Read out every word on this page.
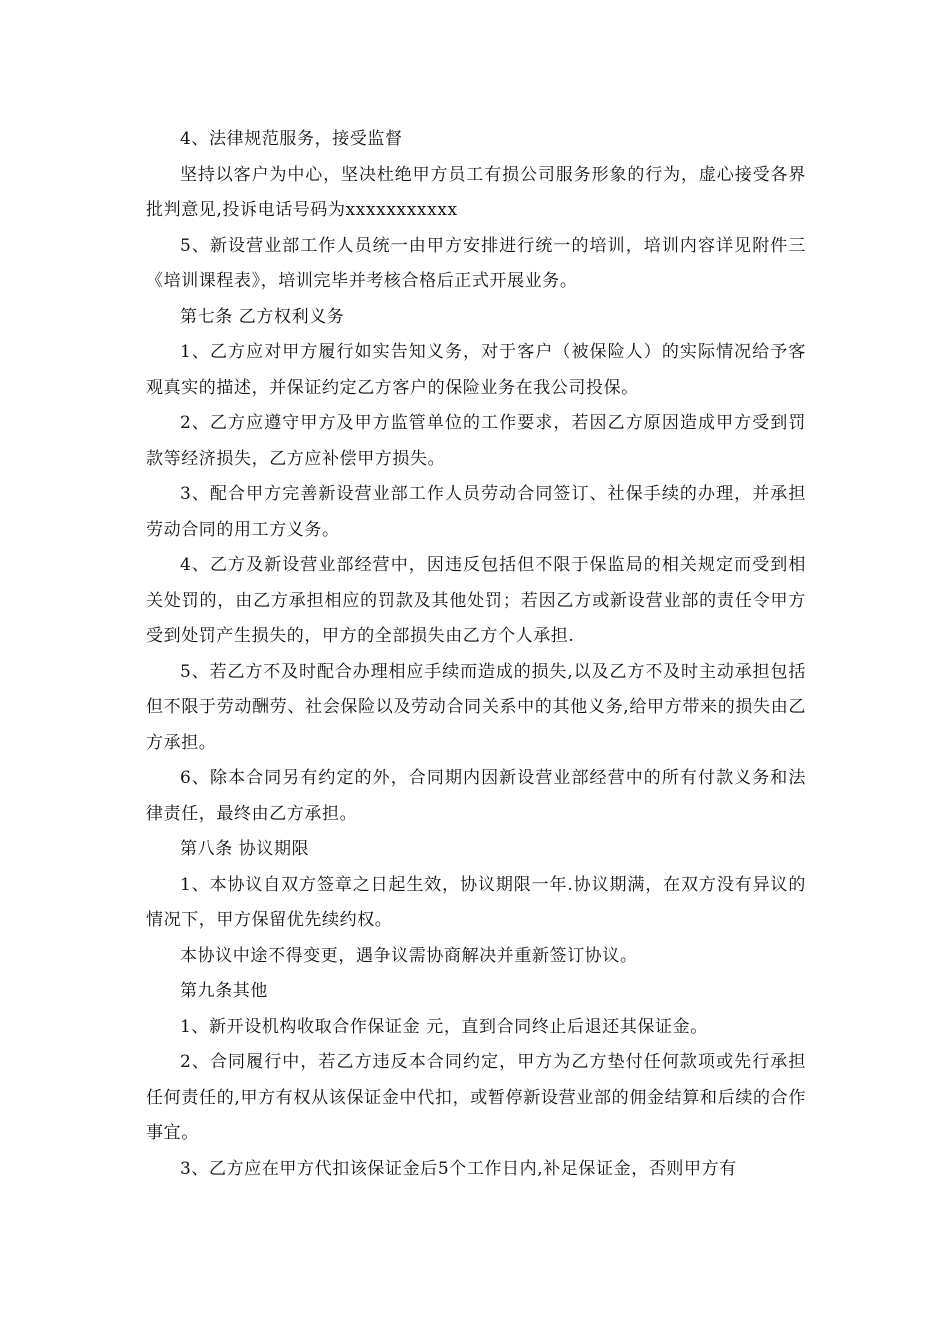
4、法律规范服务，接受监督

坚持以客户为中心，坚决杜绝甲方员工有损公司服务形象的行为，虚心接受各界批判意见,投诉电话号码为xxxxxxxxxxx

5、新设营业部工作人员统一由甲方安排进行统一的培训，培训内容详见附件三《培训课程表》，培训完毕并考核合格后正式开展业务。

第七条 乙方权利义务

1、乙方应对甲方履行如实告知义务，对于客户（被保险人）的实际情况给予客观真实的描述，并保证约定乙方客户的保险业务在我公司投保。

2、乙方应遵守甲方及甲方监管单位的工作要求，若因乙方原因造成甲方受到罚款等经济损失，乙方应补偿甲方损失。

3、配合甲方完善新设营业部工作人员劳动合同签订、社保手续的办理，并承担劳动合同的用工方义务。

4、乙方及新设营业部经营中，因违反包括但不限于保监局的相关规定而受到相关处罚的，由乙方承担相应的罚款及其他处罚；若因乙方或新设营业部的责任令甲方受到处罚产生损失的，甲方的全部损失由乙方个人承担.

5、若乙方不及时配合办理相应手续而造成的损失,以及乙方不及时主动承担包括但不限于劳动酬劳、社会保险以及劳动合同关系中的其他义务,给甲方带来的损失由乙方承担。

6、除本合同另有约定的外，合同期内因新设营业部经营中的所有付款义务和法律责任，最终由乙方承担。

第八条 协议期限

1、本协议自双方签章之日起生效，协议期限一年.协议期满，在双方没有异议的情况下，甲方保留优先续约权。

本协议中途不得变更，遇争议需协商解决并重新签订协议。

第九条其他

1、新开设机构收取合作保证金 元，直到合同终止后退还其保证金。

2、合同履行中，若乙方违反本合同约定，甲方为乙方垫付任何款项或先行承担任何责任的,甲方有权从该保证金中代扣，或暂停新设营业部的佣金结算和后续的合作事宜。

3、乙方应在甲方代扣该保证金后5个工作日内,补足保证金，否则甲方有
